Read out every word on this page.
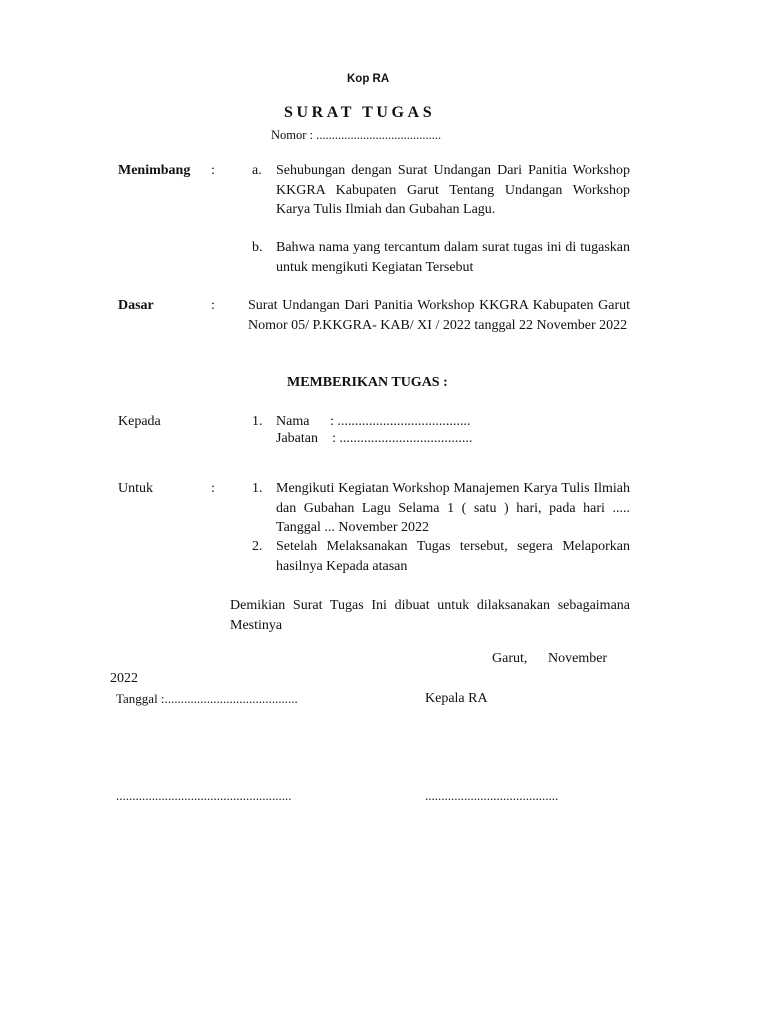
Kop RA
SURAT TUGAS
Nomor : ........................................
Menimbang :	a. Sehubungan dengan Surat Undangan Dari Panitia Workshop KKGRA Kabupaten Garut Tentang Undangan Workshop Karya Tulis Ilmiah dan Gubahan Lagu.
b. Bahwa nama yang tercantum dalam surat tugas ini di tugaskan untuk mengikuti Kegiatan Tersebut
Dasar	: Surat Undangan Dari Panitia Workshop KKGRA Kabupaten Garut Nomor 05/ P.KKGRA- KAB/ XI / 2022 tanggal 22 November 2022
MEMBERIKAN TUGAS :
Kepada	1. Nama : ......................................
Jabatan : ......................................
Untuk	:	1. Mengikuti Kegiatan Workshop Manajemen Karya Tulis Ilmiah dan Gubahan Lagu Selama 1 ( satu ) hari, pada hari ..... Tanggal ... November 2022
2. Setelah Melaksanakan Tugas tersebut, segera Melaporkan hasilnya Kepada atasan
Demikian Surat Tugas Ini dibuat untuk dilaksanakan sebagaimana Mestinya
Garut, November
2022
Tanggal :.........................................	Kepala RA
......................................................	.........................................
